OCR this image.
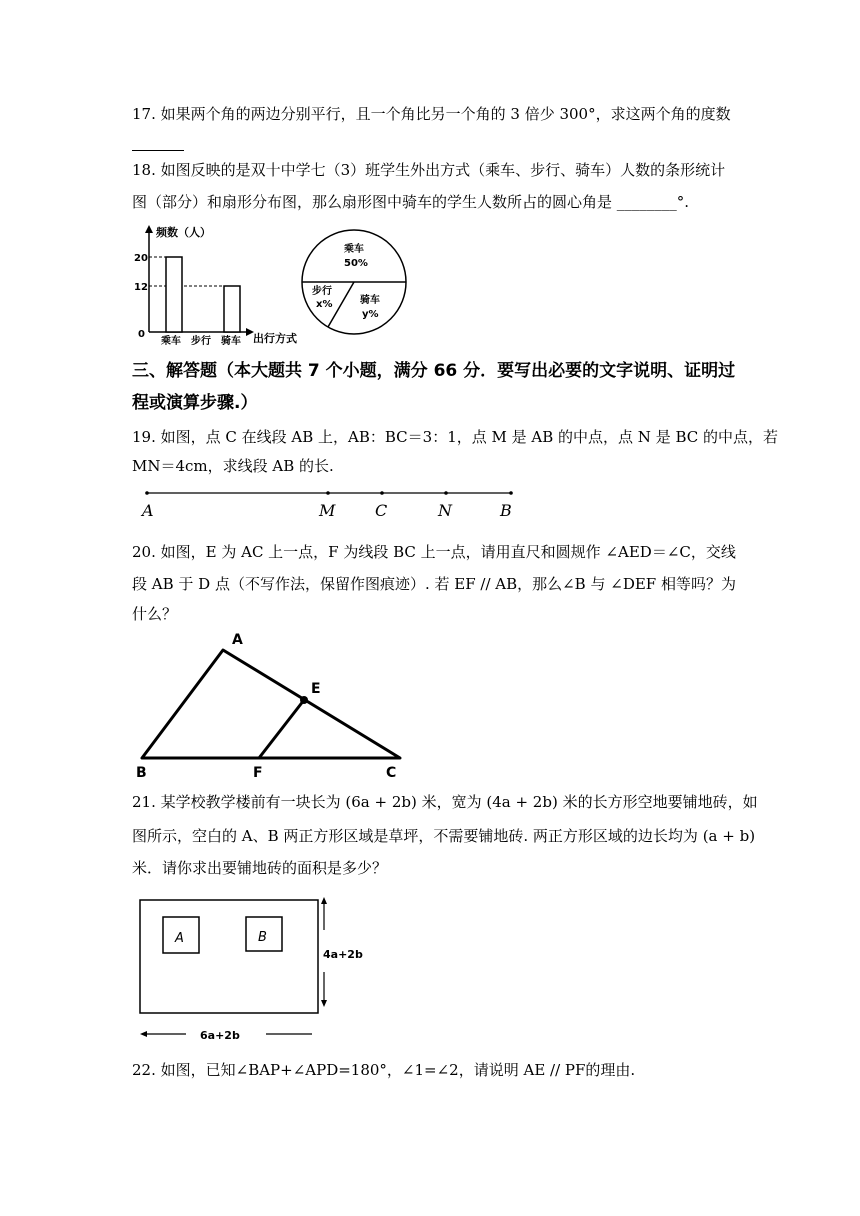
17. 如果两个角的两边分别平行，且一个角比另一个角的 3 倍少 300°，求这两个角的度数
18. 如图反映的是双十中学七（3）班学生外出方式（乘车、步行、骑车）人数的条形统计
图（部分）和扇形分布图，那么扇形图中骑车的学生人数所占的圆心角是 ________°.
频数（人）
出行方式
20
12
0
乘车 步行 骑车
乘车
50%
步行
x%	骑车
y%
三、解答题（本大题共 7 个小题，满分 66 分．要写出必要的文字说明、证明过
程或演算步骤.）
19. 如图，点 C 在线段 AB 上，AB：BC＝3：1，点 M 是 AB 的中点，点 N 是 BC 的中点，若
MN＝4cm，求线段 AB 的长.
A	M C	N	B
20. 如图，E 为 AC 上一点，F 为线段 BC 上一点，请用直尺和圆规作 ∠AED＝∠C，交线
段 AB 于 D 点（不写作法，保留作图痕迹）. 若 EF // AB，那么∠B 与 ∠DEF 相等吗？为
什么？
A
E
B	F	C
21. 某学校教学楼前有一块长为 (6a + 2b) 米，宽为 (4a + 2b) 米的长方形空地要铺地砖，如
图所示，空白的 A、B 两正方形区域是草坪，不需要铺地砖. 两正方形区域的边长均为 (a + b)
米．请你求出要铺地砖的面积是多少？
A	B
4a+2b
6a+2b
22. 如图，已知∠BAP+∠APD=180°，∠1=∠2，请说明 AE // PF的理由.
